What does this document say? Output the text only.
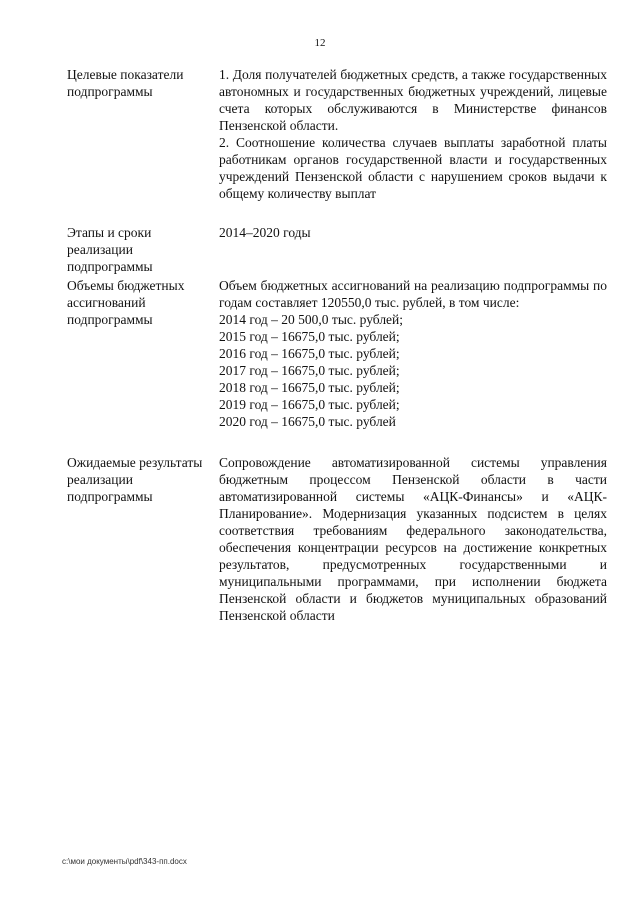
12
Целевые показатели подпрограммы

1. Доля получателей бюджетных средств, а также государственных автономных и государственных бюджетных учреждений, лицевые счета которых обслуживаются в Министерстве финансов Пензенской области.

2. Соотношение количества случаев выплаты заработной платы работникам органов государственной власти и государственных учреждений Пензенской области с нарушением сроков выдачи к общему количеству выплат

Этапы и сроки реализации подпрограммы

2014–2020 годы

Объемы бюджетных ассигнований подпрограммы

Объем бюджетных ассигнований на реализацию подпрограммы по годам составляет 120550,0 тыс. рублей, в том числе:

2014 год – 20 500,0 тыс. рублей;
2015 год – 16675,0 тыс. рублей;
2016 год – 16675,0 тыс. рублей;
2017 год – 16675,0 тыс. рублей;
2018 год – 16675,0 тыс. рублей;
2019 год – 16675,0 тыс. рублей;
2020 год – 16675,0 тыс. рублей
Ожидаемые результаты реализации подпрограммы

Сопровождение автоматизированной системы управления бюджетным процессом Пензенской области в части автоматизированной системы «АЦК-Финансы» и «АЦК-Планирование». Модернизация указанных подсистем в целях соответствия требованиям федерального законодательства, обеспечения концентрации ресурсов на достижение конкретных результатов, предусмотренных государственными и муниципальными программами, при исполнении бюджета Пензенской области и бюджетов муниципальных образований Пензенской области

c:\мои документы\pdf\343-пп.docx
